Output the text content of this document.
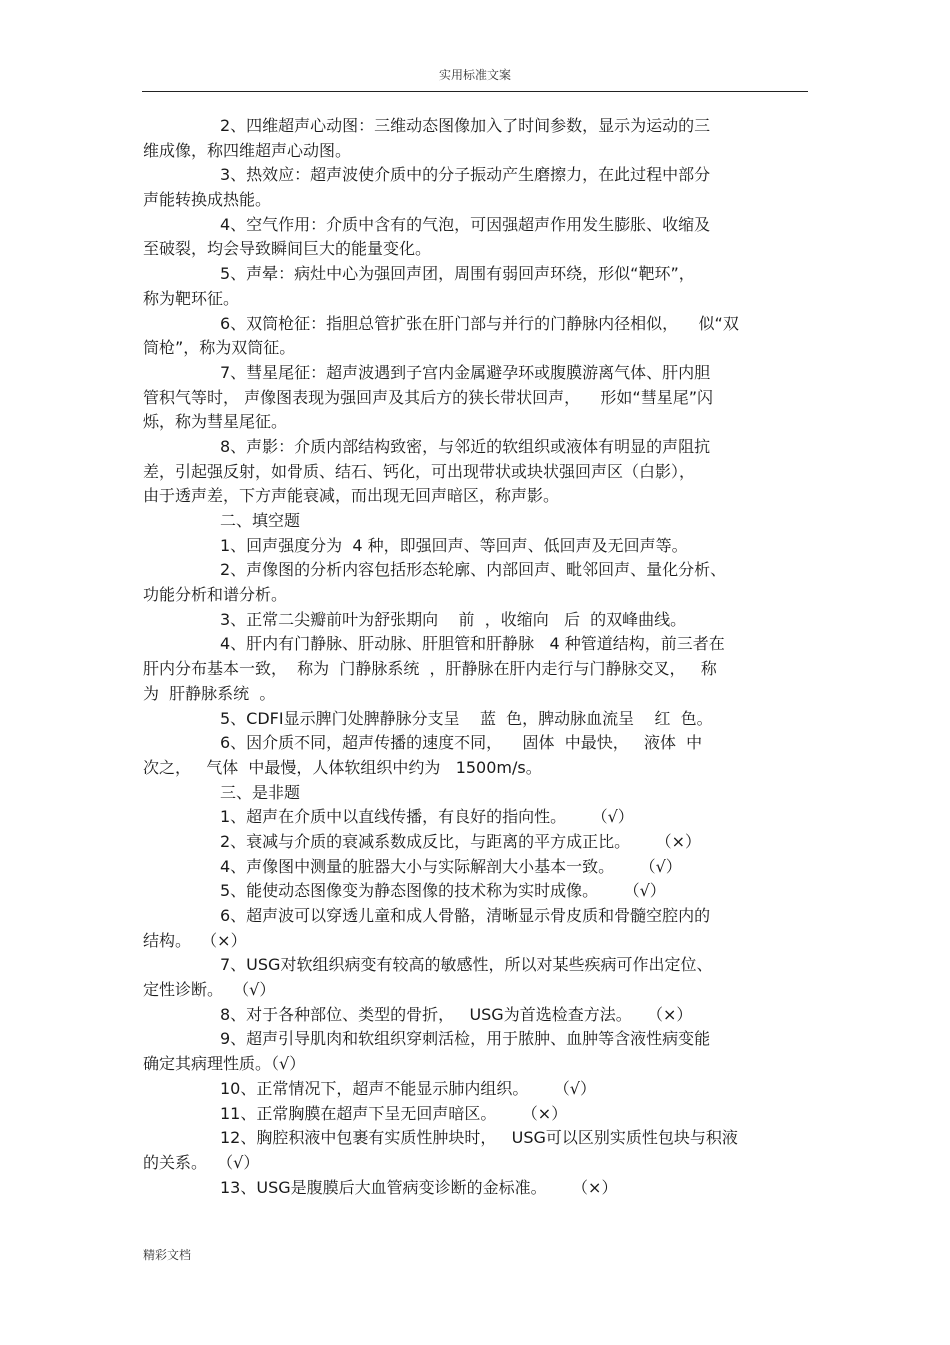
实用标准文案
2、四维超声心动图：三维动态图像加入了时间参数，显示为运动的三
维成像，称四维超声心动图。
3、热效应：超声波使介质中的分子振动产生磨擦力，在此过程中部分
声能转换成热能。
4、空气作用：介质中含有的气泡，可因强超声作用发生膨胀、收缩及
至破裂，均会导致瞬间巨大的能量变化。
5、声晕：病灶中心为强回声团，周围有弱回声环绕，形似“靶环”，
称为靶环征。
6、双筒枪征：指胆总管扩张在肝门部与并行的门静脉内径相似，    似“双
筒枪”，称为双筒征。
7、彗星尾征：超声波遇到子宫内金属避孕环或腹膜游离气体、肝内胆
管积气等时， 声像图表现为强回声及其后方的狭长带状回声，    形如“彗星尾”闪
烁，称为彗星尾征。
8、声影：介质内部结构致密，与邻近的软组织或液体有明显的声阻抗
差，引起强反射，如骨质、结石、钙化，可出现带状或块状强回声区（白影），
由于透声差，下方声能衰减，而出现无回声暗区，称声影。
二、填空题
1、回声强度分为  4 种，即强回声、等回声、低回声及无回声等。
2、声像图的分析内容包括形态轮廓、内部回声、毗邻回声、量化分析、
功能分析和谱分析。
3、正常二尖瓣前叶为舒张期向    前  ，收缩向   后  的双峰曲线。
4、肝内有门静脉、肝动脉、肝胆管和肝静脉   4 种管道结构，前三者在
肝内分布基本一致，  称为  门静脉系统  ，肝静脉在肝内走行与门静脉交叉，   称
为  肝静脉系统  。
5、CDFI显示脾门处脾静脉分支呈    蓝  色，脾动脉血流呈    红  色。
6、因介质不同，超声传播的速度不同，    固体  中最快，   液体  中
次之，   气体  中最慢，人体软组织中约为   1500m/s。
三、是非题
1、超声在介质中以直线传播，有良好的指向性。     （√）
2、衰减与介质的衰减系数成反比，与距离的平方成正比。     （×）
4、声像图中测量的脏器大小与实际解剖大小基本一致。     （√）
5、能使动态图像变为静态图像的技术称为实时成像。     （√）
6、超声波可以穿透儿童和成人骨骼，清晰显示骨皮质和骨髓空腔内的
结构。  （×）
7、USG对软组织病变有较高的敏感性，所以对某些疾病可作出定位、
定性诊断。  （√）
8、对于各种部位、类型的骨折，   USG为首选检查方法。   （×）
9、超声引导肌肉和软组织穿刺活检，用于脓肿、血肿等含液性病变能
确定其病理性质。（√）
10、正常情况下，超声不能显示肺内组织。     （√）
11、正常胸膜在超声下呈无回声暗区。     （×）
12、胸腔积液中包裹有实质性肿块时，   USG可以区别实质性包块与积液
的关系。  （√）
13、USG是腹膜后大血管病变诊断的金标准。     （×）
精彩文档
